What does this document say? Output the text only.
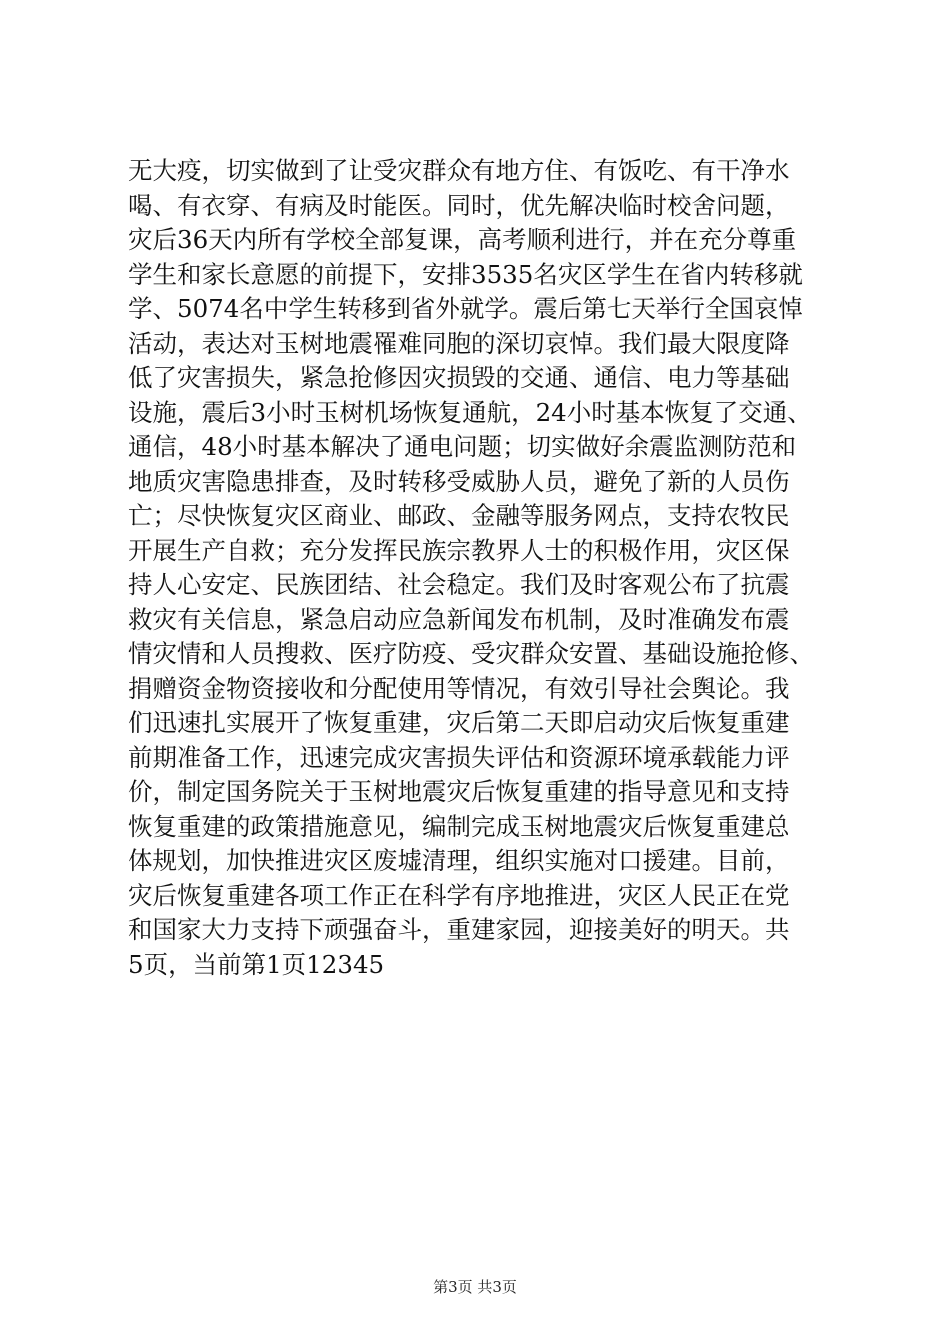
无大疫，切实做到了让受灾群众有地方住、有饭吃、有干净水
喝、有衣穿、有病及时能医。同时，优先解决临时校舍问题，
灾后36天内所有学校全部复课，高考顺利进行，并在充分尊重
学生和家长意愿的前提下，安排3535名灾区学生在省内转移就
学、5074名中学生转移到省外就学。震后第七天举行全国哀悼
活动，表达对玉树地震罹难同胞的深切哀悼。我们最大限度降
低了灾害损失，紧急抢修因灾损毁的交通、通信、电力等基础
设施，震后3小时玉树机场恢复通航，24小时基本恢复了交通、
通信，48小时基本解决了通电问题；切实做好余震监测防范和
地质灾害隐患排查，及时转移受威胁人员，避免了新的人员伤
亡；尽快恢复灾区商业、邮政、金融等服务网点，支持农牧民
开展生产自救；充分发挥民族宗教界人士的积极作用，灾区保
持人心安定、民族团结、社会稳定。我们及时客观公布了抗震
救灾有关信息，紧急启动应急新闻发布机制，及时准确发布震
情灾情和人员搜救、医疗防疫、受灾群众安置、基础设施抢修、
捐赠资金物资接收和分配使用等情况，有效引导社会舆论。我
们迅速扎实展开了恢复重建，灾后第二天即启动灾后恢复重建
前期准备工作，迅速完成灾害损失评估和资源环境承载能力评
价，制定国务院关于玉树地震灾后恢复重建的指导意见和支持
恢复重建的政策措施意见，编制完成玉树地震灾后恢复重建总
体规划，加快推进灾区废墟清理，组织实施对口援建。目前，
灾后恢复重建各项工作正在科学有序地推进，灾区人民正在党
和国家大力支持下顽强奋斗，重建家园，迎接美好的明天。共
5页，当前第1页12345
第3页 共3页
